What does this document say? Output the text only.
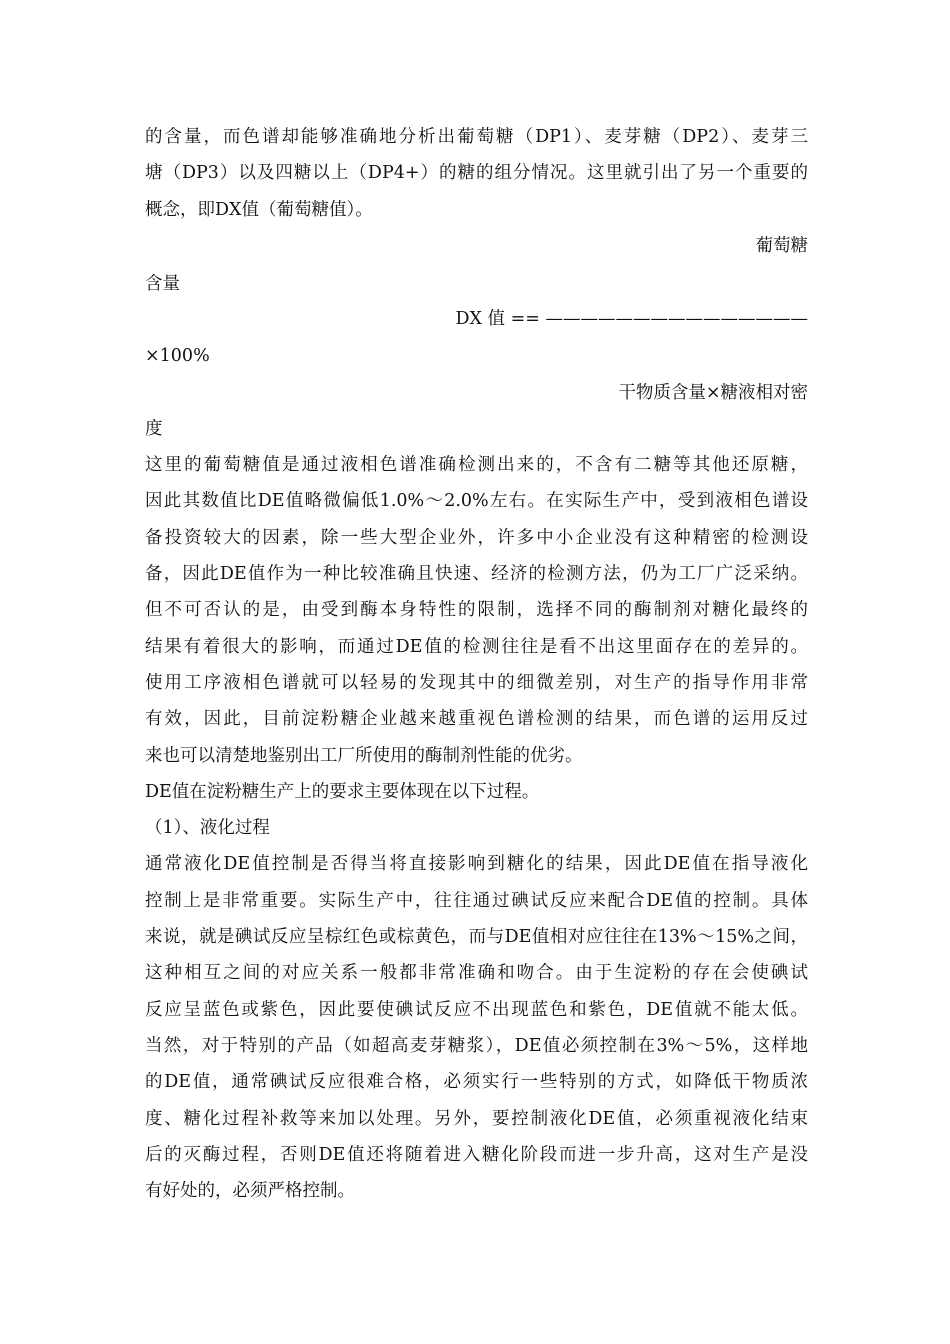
的含量，而色谱却能够准确地分析出葡萄糖（DP1）、麦芽糖（DP2）、麦芽三
塘（DP3）以及四糖以上（DP4+）的糖的组分情况。这里就引出了另一个重要的
概念，即DX值（葡萄糖值）。
葡萄糖
含量
DX 值 == ———————————————
×100%
干物质含量×糖液相对密
度
这里的葡萄糖值是通过液相色谱准确检测出来的，不含有二糖等其他还原糖，
因此其数值比DE值略微偏低1.0%～2.0%左右。在实际生产中，受到液相色谱设
备投资较大的因素，除一些大型企业外，许多中小企业没有这种精密的检测设
备，因此DE值作为一种比较准确且快速、经济的检测方法，仍为工厂广泛采纳。
但不可否认的是，由受到酶本身特性的限制，选择不同的酶制剂对糖化最终的
结果有着很大的影响，而通过DE值的检测往往是看不出这里面存在的差异的。
使用工序液相色谱就可以轻易的发现其中的细微差别，对生产的指导作用非常
有效，因此，目前淀粉糖企业越来越重视色谱检测的结果，而色谱的运用反过
来也可以清楚地鉴别出工厂所使用的酶制剂性能的优劣。
DE值在淀粉糖生产上的要求主要体现在以下过程。
（1）、液化过程
通常液化DE值控制是否得当将直接影响到糖化的结果，因此DE值在指导液化
控制上是非常重要。实际生产中，往往通过碘试反应来配合DE值的控制。具体
来说，就是碘试反应呈棕红色或棕黄色，而与DE值相对应往往在13%～15%之间，
这种相互之间的对应关系一般都非常准确和吻合。由于生淀粉的存在会使碘试
反应呈蓝色或紫色，因此要使碘试反应不出现蓝色和紫色，DE值就不能太低。
当然，对于特别的产品（如超高麦芽糖浆），DE值必须控制在3%～5%，这样地
的DE值，通常碘试反应很难合格，必须实行一些特别的方式，如降低干物质浓
度、糖化过程补救等来加以处理。另外，要控制液化DE值，必须重视液化结束
后的灭酶过程，否则DE值还将随着进入糖化阶段而进一步升高，这对生产是没
有好处的，必须严格控制。
